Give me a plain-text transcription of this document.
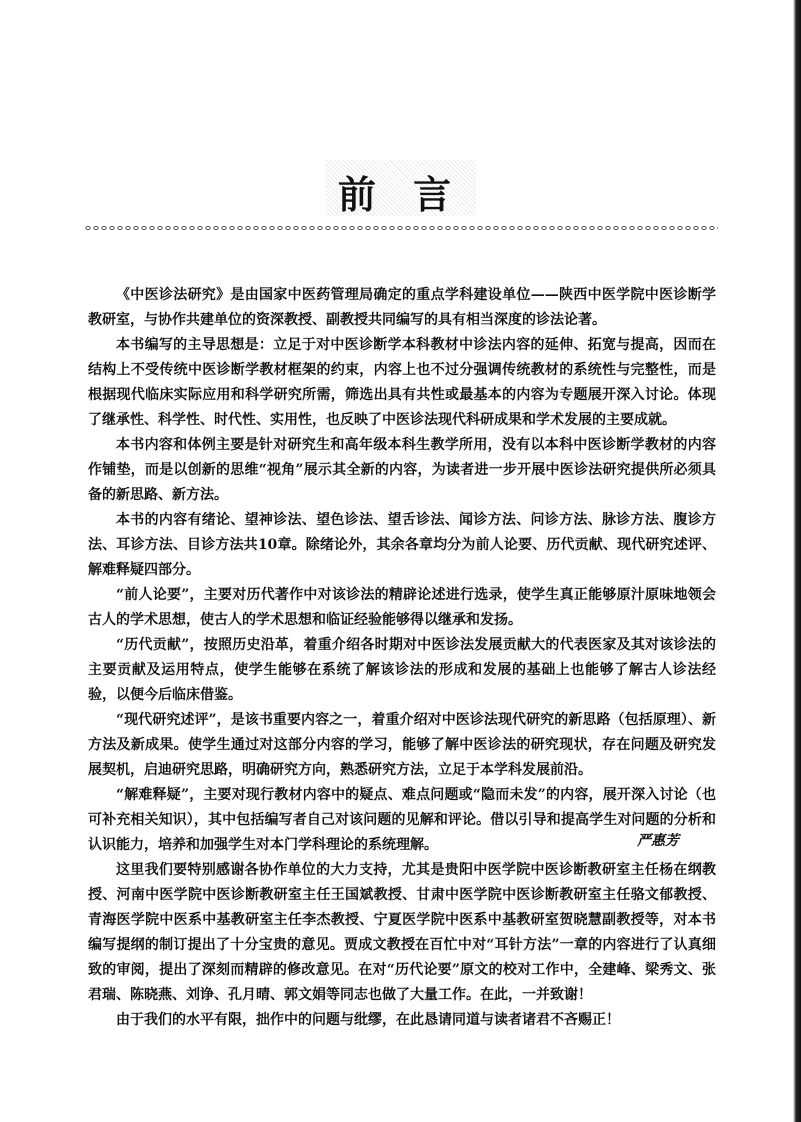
前 言

《中医诊法研究》是由国家中医药管理局确定的重点学科建设单位——陕西中医学院中医诊断学教研室，与协作共建单位的资深教授、副教授共同编写的具有相当深度的诊法论著。

本书编写的主导思想是：立足于对中医诊断学本科教材中诊法内容的延伸、拓宽与提高，因而在结构上不受传统中医诊断学教材框架的约束，内容上也不过分强调传统教材的系统性与完整性，而是根据现代临床实际应用和科学研究所需，筛选出具有共性或最基本的内容为专题展开深入讨论。体现了继承性、科学性、时代性、实用性，也反映了中医诊法现代科研成果和学术发展的主要成就。

本书内容和体例主要是针对研究生和高年级本科生教学所用，没有以本科中医诊断学教材的内容作铺垫，而是以创新的思维“视角”展示其全新的内容，为读者进一步开展中医诊法研究提供所必须具备的新思路、新方法。

本书的内容有绪论、望神诊法、望色诊法、望舌诊法、闻诊方法、问诊方法、脉诊方法、腹诊方法、耳诊方法、目诊方法共10章。除绪论外，其余各章均分为前人论要、历代贡献、现代研究述评、解难释疑四部分。

“前人论要”，主要对历代著作中对该诊法的精辟论述进行选录，使学生真正能够原汁原味地领会古人的学术思想，使古人的学术思想和临证经验能够得以继承和发扬。

“历代贡献”，按照历史沿革，着重介绍各时期对中医诊法发展贡献大的代表医家及其对该诊法的主要贡献及运用特点，使学生能够在系统了解该诊法的形成和发展的基础上也能够了解古人诊法经验，以便今后临床借鉴。

“现代研究述评”，是该书重要内容之一，着重介绍对中医诊法现代研究的新思路（包括原理）、新方法及新成果。使学生通过对这部分内容的学习，能够了解中医诊法的研究现状，存在问题及研究发展契机，启迪研究思路，明确研究方向，熟悉研究方法，立足于本学科发展前沿。

“解难释疑”，主要对现行教材内容中的疑点、难点问题或“隐而未发”的内容，展开深入讨论（也可补充相关知识），其中包括编写者自己对该问题的见解和评论。借以引导和提高学生对问题的分析和认识能力，培养和加强学生对本门学科理论的系统理解。

这里我们要特别感谢各协作单位的大力支持，尤其是贵阳中医学院中医诊断教研室主任杨在纲教授、河南中医学院中医诊断教研室主任王国斌教授、甘肃中医学院中医诊断教研室主任骆文郁教授、青海医学院中医系中基教研室主任李杰教授、宁夏医学院中医系中基教研室贺晓慧副教授等，对本书编写提纲的制订提出了十分宝贵的意见。贾成文教授在百忙中对“耳针方法”一章的内容进行了认真细致的审阅，提出了深刻而精辟的修改意见。在对“历代论要”原文的校对工作中，全建峰、梁秀文、张君瑞、陈晓燕、刘诤、孔月晴、郭文娟等同志也做了大量工作。在此，一并致谢！

由于我们的水平有限，拙作中的问题与纰缪，在此恳请同道与读者诸君不吝赐正！

严惠芳
